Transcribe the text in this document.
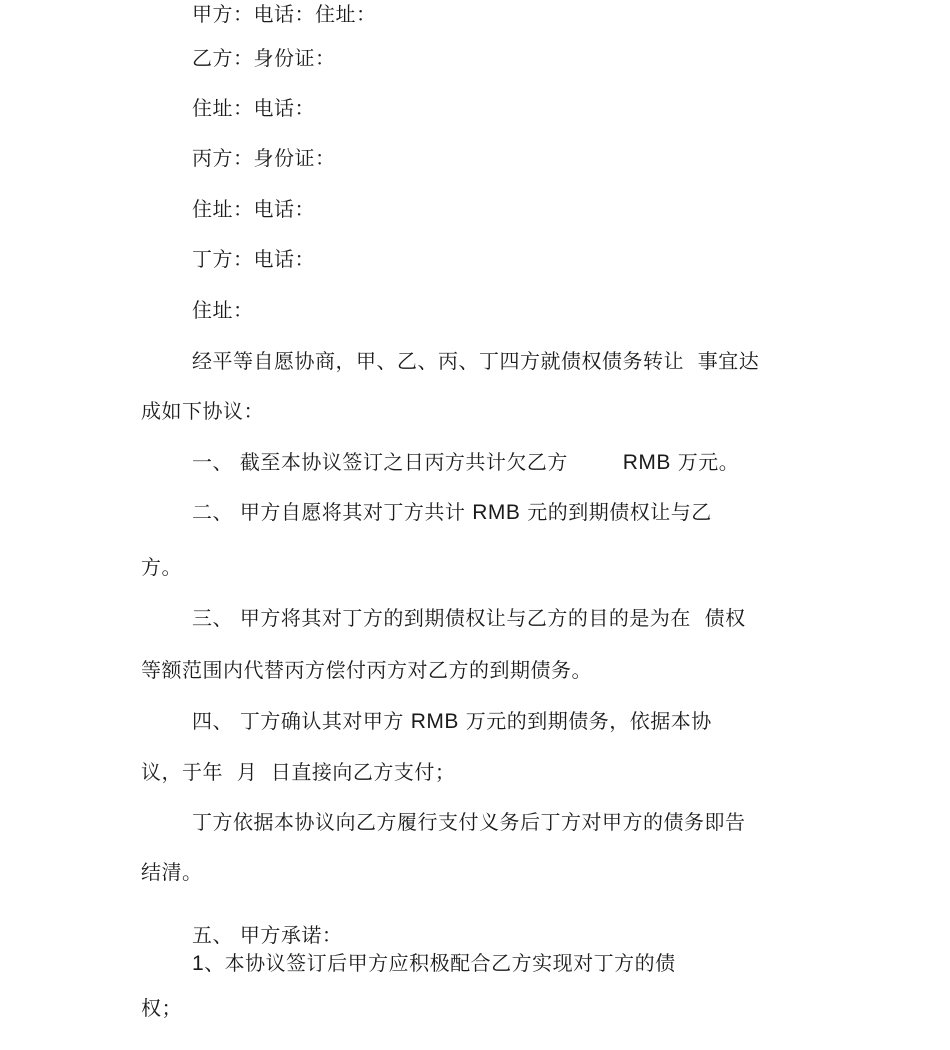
甲方：电话：住址：
乙方：身份证：
住址：电话：
丙方：身份证：
住址：电话：
丁方：电话：
住址：
经平等自愿协商，甲、乙、丙、丁四方就债权债务转让  事宜达
成如下协议：
一、 截至本协议签订之日丙方共计欠乙方        RMB 万元。
二、 甲方自愿将其对丁方共计 RMB 元的到期债权让与乙
方。
三、 甲方将其对丁方的到期债权让与乙方的目的是为在  债权
等额范围内代替丙方偿付丙方对乙方的到期债务。
四、 丁方确认其对甲方 RMB 万元的到期债务，依据本协
议，于年  月  日直接向乙方支付；
丁方依据本协议向乙方履行支付义务后丁方对甲方的债务即告
结清。
五、 甲方承诺：
1、本协议签订后甲方应积极配合乙方实现对丁方的债
权；
